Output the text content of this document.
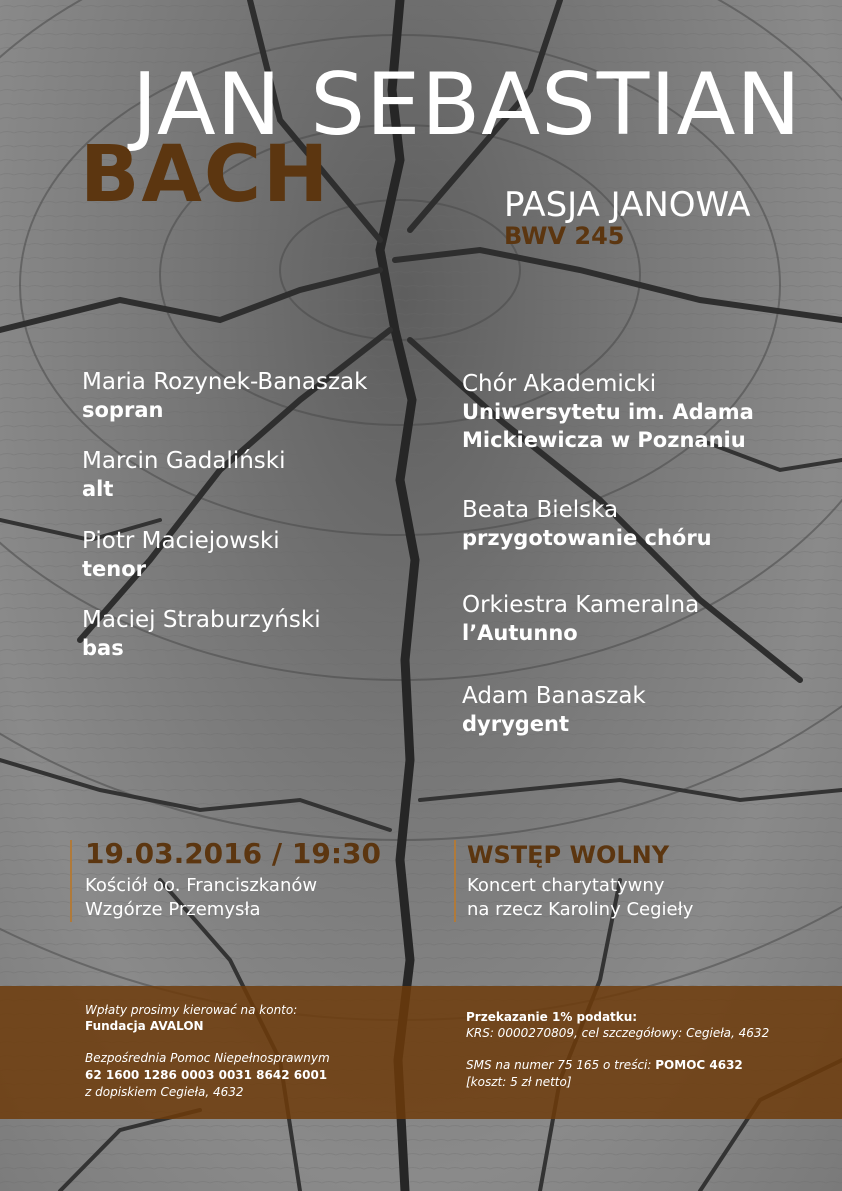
JAN SEBASTIAN
BACH	PASJA JANOWA
BWV 245
Maria Rozynek-Banaszak
sopran
Marcin Gadaliński
alt
Piotr Maciejowski
tenor
Maciej Straburzyński
bas
Chór Akademicki
Uniwersytetu im. Adama
Mickiewicza w Poznaniu
Beata Bielska
przygotowanie chóru
Orkiestra Kameralna
l’Autunno
Adam Banaszak
dyrygent
19.03.2016 / 19:30
Kościół oo. Franciszkanów
Wzgórze Przemysła
WSTĘP WOLNY
Koncert charytatywny
na rzecz Karoliny Cegieły
Wpłaty prosimy kierować na konto:
Fundacja AVALON
Bezpośrednia Pomoc Niepełnosprawnym
62 1600 1286 0003 0031 8642 6001
z dopiskiem Cegieła, 4632
Przekazanie 1% podatku:
KRS: 0000270809, cel szczegółowy: Cegieła, 4632
SMS na numer 75 165 o treści: POMOC 4632
[koszt: 5 zł netto]
